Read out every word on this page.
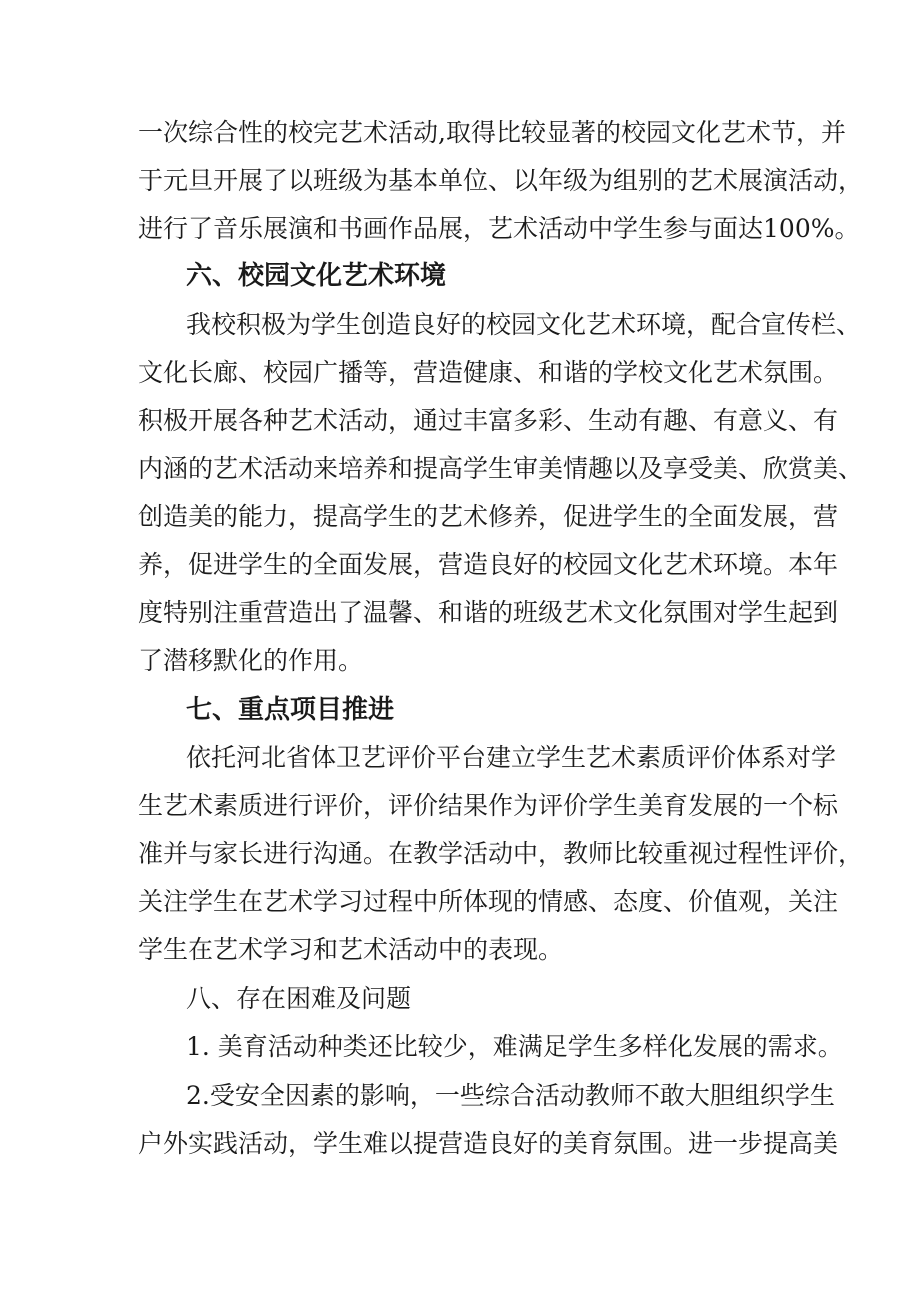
一次综合性的校完艺术活动,取得比较显著的校园文化艺术节，并
于元旦开展了以班级为基本单位、以年级为组别的艺术展演活动，
进行了音乐展演和书画作品展，艺术活动中学生参与面达100%。
六、校园文化艺术环境
我校积极为学生创造良好的校园文化艺术环境，配合宣传栏、
文化长廊、校园广播等，营造健康、和谐的学校文化艺术氛围。
积极开展各种艺术活动，通过丰富多彩、生动有趣、有意义、有
内涵的艺术活动来培养和提高学生审美情趣以及享受美、欣赏美、
创造美的能力，提高学生的艺术修养，促进学生的全面发展，营
养，促进学生的全面发展，营造良好的校园文化艺术环境。本年
度特别注重营造出了温馨、和谐的班级艺术文化氛围对学生起到
了潜移默化的作用。
七、重点项目推进
依托河北省体卫艺评价平台建立学生艺术素质评价体系对学
生艺术素质进行评价，评价结果作为评价学生美育发展的一个标
准并与家长进行沟通。在教学活动中，教师比较重视过程性评价，
关注学生在艺术学习过程中所体现的情感、态度、价值观，关注
学生在艺术学习和艺术活动中的表现。
八、存在困难及问题
1. 美育活动种类还比较少，难满足学生多样化发展的需求。
2.受安全因素的影响，一些综合活动教师不敢大胆组织学生
户外实践活动，学生难以提营造良好的美育氛围。进一步提高美
